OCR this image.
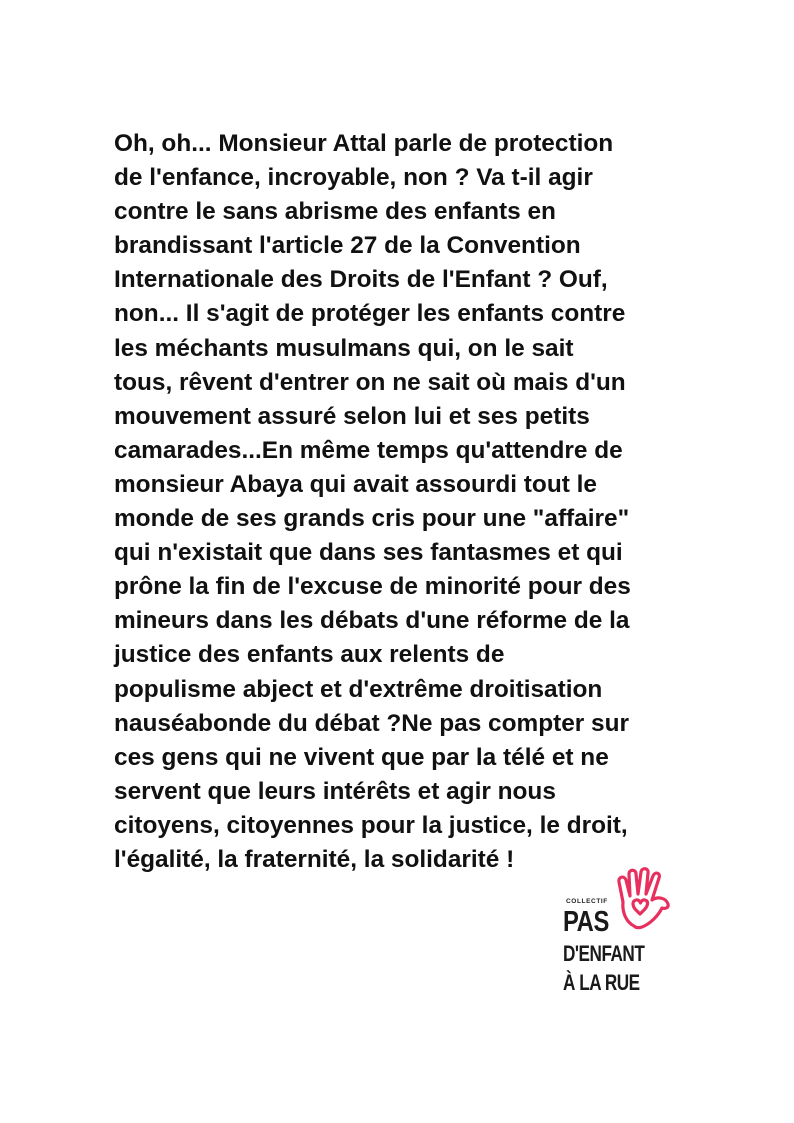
Oh, oh... Monsieur Attal parle de protection
de l'enfance, incroyable, non ? Va t-il agir
contre le sans abrisme des enfants en
brandissant l'article 27 de la Convention
Internationale des Droits de l'Enfant ? Ouf,
non... Il s'agit de protéger les enfants contre
les méchants musulmans qui, on le sait
tous, rêvent d'entrer on ne sait où mais d'un
mouvement assuré selon lui et ses petits
camarades...En même temps qu'attendre de
monsieur Abaya qui avait assourdi tout le
monde de ses grands cris pour une "affaire"
qui n'existait que dans ses fantasmes et qui
prône la fin de l'excuse de minorité pour des
mineurs dans les débats d'une réforme de la
justice des enfants aux relents de
populisme abject et d'extrême droitisation
nauséabonde du débat ?Ne pas compter sur
ces gens qui ne vivent que par la télé et ne
servent que leurs intérêts et agir nous
citoyens, citoyennes pour la justice, le droit,
l'égalité, la fraternité, la solidarité !

COLLECTIF
PAS
D'ENFANT
À LA RUE
